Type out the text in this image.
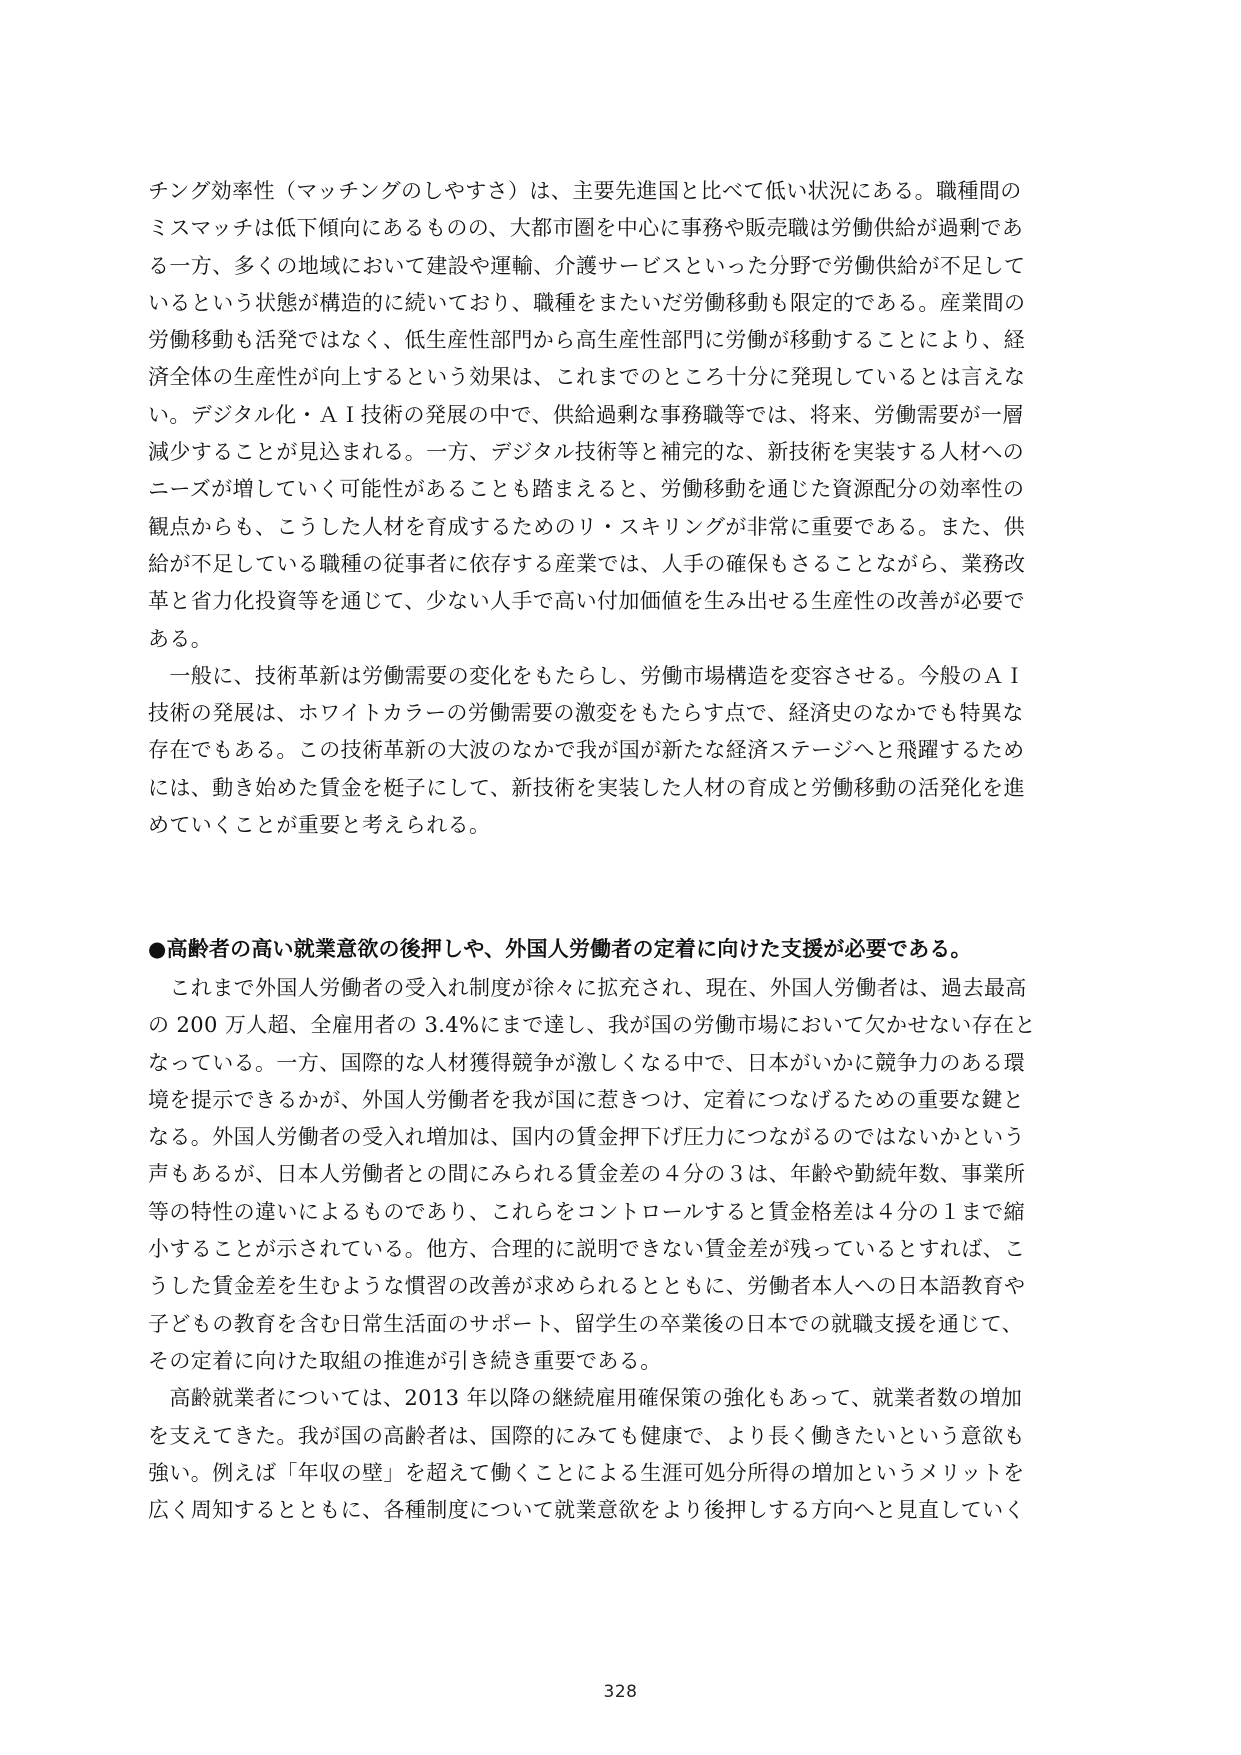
チング効率性（マッチングのしやすさ）は、主要先進国と比べて低い状況にある。職種間の
ミスマッチは低下傾向にあるものの、大都市圏を中心に事務や販売職は労働供給が過剰であ
る一方、多くの地域において建設や運輸、介護サービスといった分野で労働供給が不足して
いるという状態が構造的に続いており、職種をまたいだ労働移動も限定的である。産業間の
労働移動も活発ではなく、低生産性部門から高生産性部門に労働が移動することにより、経
済全体の生産性が向上するという効果は、これまでのところ十分に発現しているとは言えな
い。デジタル化・ＡＩ技術の発展の中で、供給過剰な事務職等では、将来、労働需要が一層
減少することが見込まれる。一方、デジタル技術等と補完的な、新技術を実装する人材への
ニーズが増していく可能性があることも踏まえると、労働移動を通じた資源配分の効率性の
観点からも、こうした人材を育成するためのリ・スキリングが非常に重要である。また、供
給が不足している職種の従事者に依存する産業では、人手の確保もさることながら、業務改
革と省力化投資等を通じて、少ない人手で高い付加価値を生み出せる生産性の改善が必要で
ある。
　一般に、技術革新は労働需要の変化をもたらし、労働市場構造を変容させる。今般のＡＩ
技術の発展は、ホワイトカラーの労働需要の激変をもたらす点で、経済史のなかでも特異な
存在でもある。この技術革新の大波のなかで我が国が新たな経済ステージへと飛躍するため
には、動き始めた賃金を梃子にして、新技術を実装した人材の育成と労働移動の活発化を進
めていくことが重要と考えられる。
●高齢者の高い就業意欲の後押しや、外国人労働者の定着に向けた支援が必要である。
　これまで外国人労働者の受入れ制度が徐々に拡充され、現在、外国人労働者は、過去最高
の 200 万人超、全雇用者の 3.4%にまで達し、我が国の労働市場において欠かせない存在と
なっている。一方、国際的な人材獲得競争が激しくなる中で、日本がいかに競争力のある環
境を提示できるかが、外国人労働者を我が国に惹きつけ、定着につなげるための重要な鍵と
なる。外国人労働者の受入れ増加は、国内の賃金押下げ圧力につながるのではないかという
声もあるが、日本人労働者との間にみられる賃金差の４分の３は、年齢や勤続年数、事業所
等の特性の違いによるものであり、これらをコントロールすると賃金格差は４分の１まで縮
小することが示されている。他方、合理的に説明できない賃金差が残っているとすれば、こ
うした賃金差を生むような慣習の改善が求められるとともに、労働者本人への日本語教育や
子どもの教育を含む日常生活面のサポート、留学生の卒業後の日本での就職支援を通じて、
その定着に向けた取組の推進が引き続き重要である。
　高齢就業者については、2013 年以降の継続雇用確保策の強化もあって、就業者数の増加
を支えてきた。我が国の高齢者は、国際的にみても健康で、より長く働きたいという意欲も
強い。例えば「年収の壁」を超えて働くことによる生涯可処分所得の増加というメリットを
広く周知するとともに、各種制度について就業意欲をより後押しする方向へと見直していく
328
